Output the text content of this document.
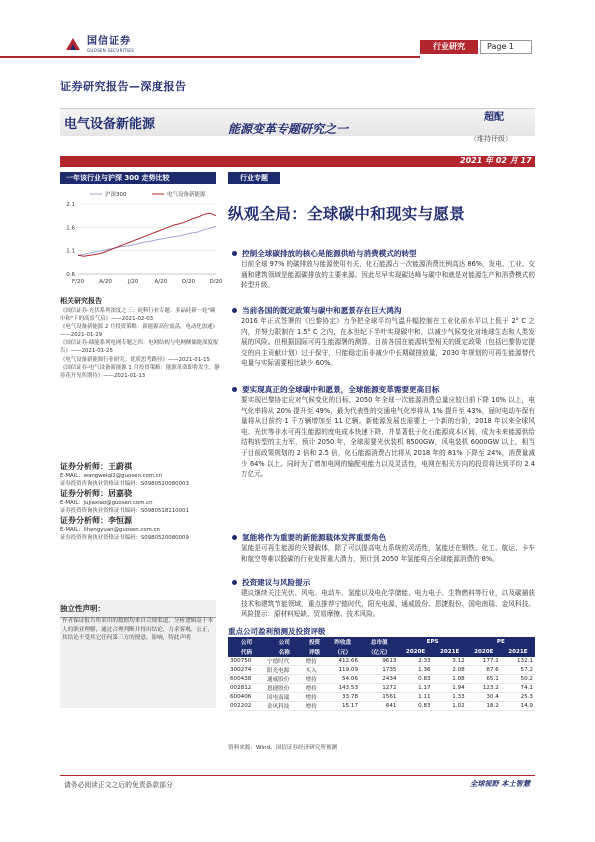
国信证券
GUOSEN SECURITIES	行业研究	Page 1
证券研究报告—深度报告
电气设备新能源	能源变革专题研究之一
超配
（维持评级）
2021 年 02 月 17 日
一年该行业与沪深 300 走势比较
2.1
1.6
1.1
0.6
F/20	A/20	J/20	A/20	O/20	D/20
沪深300	电气设备新能源
相关研究报告

《国信证券-光伏系列深度之三：硅料行业专题：多晶硅新一轮"碳中和"下的高景气启》——2021-02-03

《电气设备新能源 2 月投资策略：新能源高位震荡，电动化加速》——2021-01-29

《国信证券-储能系列电网专题之四：电网结构与电网侧储能深度报告》——2021-01-25

《电气设备新能源行业研究：优质思考路径》——2021-01-15

《国信证券-电气设备新能源 1 月投资策略：能源革命即将发生，静待花开见所期待》——2021-01-13

证券分析师：王蔚祺
E-MAIL：wangweiqi2@guosen.com.cn
证券投资咨询执业资格证书编码：S0980520080003
证券分析师：居嘉骁
E-MAIL：jujiaxiao@guosen.com.cn
证券投资咨询执业资格证书编码：S0980518110001
证券分析师：李恒源
E-MAIL：lihengyuan@guosen.com.cn
证券投资咨询执业资格证书编码：S0980520080009
独立性声明：
作者保证报告所采用的数据均来自合规渠道，分析逻辑基于本人的职业理解，通过合理判断并得出结论，力求客观、公正，其结论不受其它任何第三方的授意、影响，特此声明
行业专题
纵观全局：全球碳中和现实与愿景
控制全球碳排放的核心是能源供给与消费模式的转型
目前全球 97% 的碳排放与能源使用有关，化石能源占一次能源消费比例高达 86%，发电、工业、交通和建筑领域是能源碳排放的主要来源。因此尽早实现碳达峰与碳中和就是对能源生产和消费模式的转型升级。
当前各国的既定政策与碳中和愿景存在巨大鸿沟
2016 年正式签署的《巴黎协定》力争把全球平均气温升幅控制在工业化前水平以上低于 2° C 之内，并努力限制在 1.5° C 之内，在本世纪下半叶实现碳中和，以减少气候变化对地球生态和人类发展的风险。但根据国际可再生能源署的测算，目前各国在能源转型相关的既定政策（包括巴黎协定提交的自主贡献计划）过于保守，只能稳定而非减少中长期碳排放量，2030 年规划的可再生能源替代电量与实际需要相比缺少 60%。
要实现真正的全球碳中和愿景，全球能源变革需要更高目标
要实现巴黎协定应对气候变化的目标，2050 年全球一次能源消费总量应较目前下降 10% 以上，电气化率将从 20% 提升至 49%，最为代表性的交通电气化率将从 1% 提升至 43%，届时电动车保有量将从目前约 1 千万辆增加至 11 亿辆。新能源发展也需要上一个新的台阶，2018 年以来全球风电、光伏等非水可再生能源的度电成本快速下降，并显著低于化石能源成本区间，成为未来能源供给结构转型的主力军，预计 2050 年，全球需要光伏装机 8500GW，风电装机 6000GW 以上，相当于目前政策规划的 2 倍和 2.5 倍，化石能源消费占比将从 2018 年的 81% 下降至 24%，消费量减少 64% 以上。同时为了增加电网的输配电能力以及灵活性，电网在相关方向的投资将达到平均 2.4 万亿元。
氢能将作为重要的新能源载体发挥重要角色
氢能是可再生能源的关键载体，除了可以提高电力系统的灵活性，氢能还在钢铁、化工、航运、卡车和航空等难以脱碳的行业发挥重大潜力，预计到 2050 年氢能将占全球能源消费的 8%。
投资建议与风险提示
建议继续关注光伏、风电、电动车、氢能以及电化学储能、电力电子、生物燃料等行业，以及碳捕获技术和建筑节能领域，重点推荐宁德时代，阳光电源、通威股份、恩捷股份、国电南瑞、金风科技。风险提示：原材料短缺、贸易摩擦、技术风险。
重点公司盈利预测及投资评级
公司	公司	投资	昨收盘	总市值	EPS		PE	
代码	名称	评级	（元）	（亿元）	2020E	2021E	2020E	2021E
300750	宁德时代	增持	412.66	9613	2.33	3.12	177.1	132.1
300274	阳光电源	买入	119.09	1735	1.36	2.08	87.6	57.2
600438	通威股份	增持	54.06	2434	0.83	1.08	65.1	50.2
002812	恩捷股份	增持	143.53	1272	1.17	1.94	123.2	74.1
600406	国电南瑞	增持	33.78	1561	1.11	1.33	30.4	25.3
002202	金风科技	增持	15.17	641	0.83	1.02	18.2	14.9
资料来源：Wind、国信证券经济研究所预测
请务必阅读正文之后的免责条款部分	全球视野 本土智慧
